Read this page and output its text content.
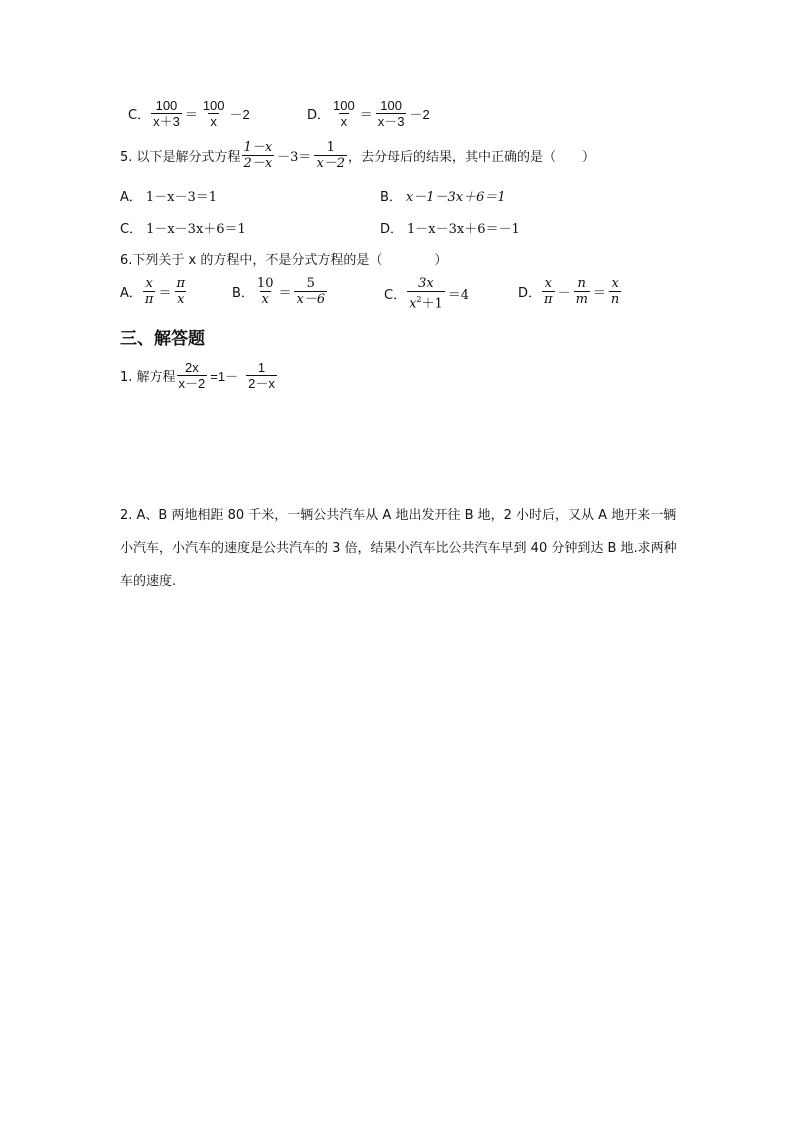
C． $\frac{100}{x+3} = \frac{100}{x} -2$	D． $\frac{100}{x} = \frac{100}{x-3} -2$
5. 以下是解分式方程 $\frac{1-x}{2-x} -3= \frac{1}{x-2}$ ，去分母后的结果，其中正确的是（　　）
A． 1－x－3＝1	B． x－1－3x＋6＝1
C． 1－x－3x＋6＝1	D． 1－x－3x＋6＝－1
6.下列关于 x 的方程中，不是分式方程的是（　　　　）
A． $\frac{x}{\pi} = \frac{\pi}{x}$	B． $\frac{10}{x} = \frac{5}{x-6}$	C． $\frac{3x}{x^2+1} =4$	D． $\frac{x}{\pi} - \frac{n}{m} = \frac{x}{n}$
三、解答题
1. 解方程 $\frac{2x}{x-2} =1- \frac{1}{2-x}$
2. A、B 两地相距 80 千米，一辆公共汽车从 A 地出发开往 B 地，2 小时后，又从 A 地开来一辆小汽车，小汽车的速度是公共汽车的 3 倍，结果小汽车比公共汽车早到 40 分钟到达 B 地.求两种车的速度.
